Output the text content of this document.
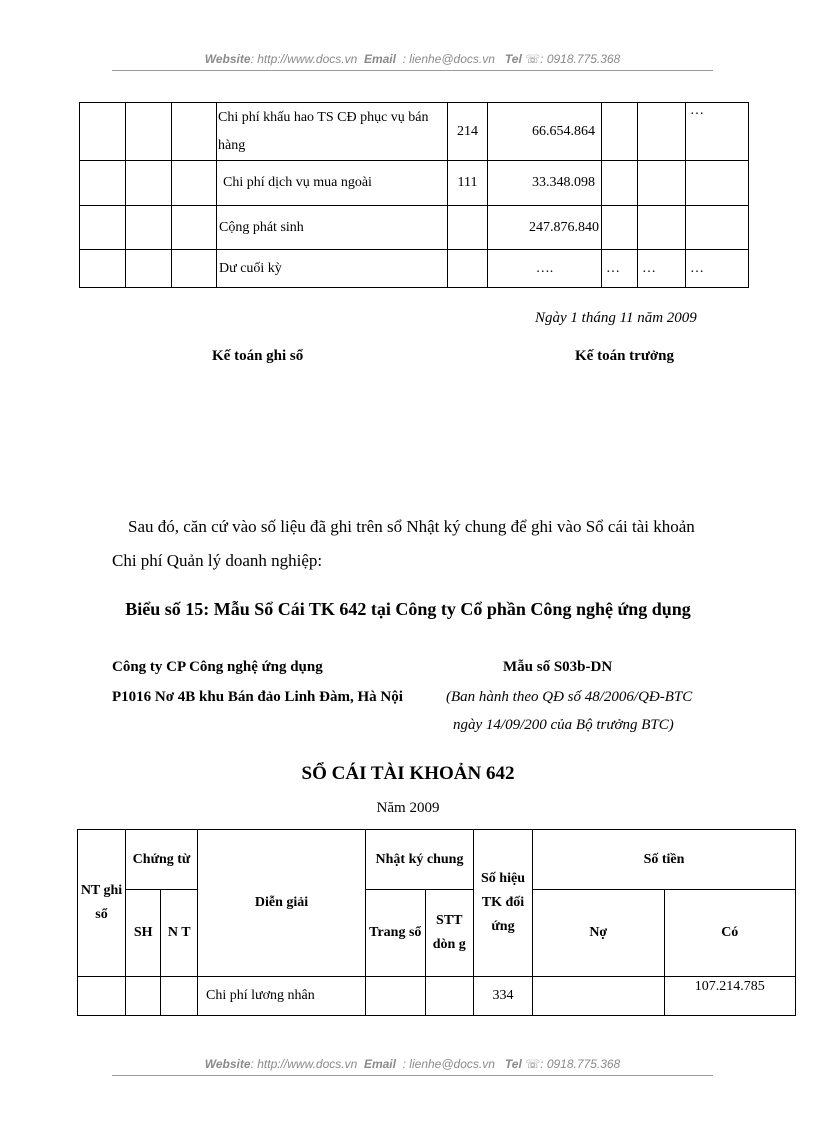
Website: http://www.docs.vn Email : lienhe@docs.vn Tel ☏: 0918.775.368
			Chi phí khấu hao TS CĐ phục vụ bán hàng	214	66.654.864			…
			Chi phí dịch vụ mua ngoài	111	33.348.098			
			Cộng phát sinh		247.876.840			
			Dư cuối kỳ		….	…	…	…
Ngày 1 tháng 11 năm 2009
Kế toán ghi sổ	Kế toán trưởng
Sau đó, căn cứ vào số liệu đã ghi trên sổ Nhật ký chung để ghi vào Sổ cái tài khoản Chi phí Quản lý doanh nghiệp:
Biểu số 15: Mẫu Sổ Cái TK 642 tại Công ty Cổ phần Công nghệ ứng dụng
Công ty CP Công nghệ ứng dụng
P1016 Nơ 4B khu Bán đảo Linh Đàm, Hà Nội
Mẫu số S03b-DN
(Ban hành theo QĐ số 48/2006/QĐ-BTC
ngày 14/09/200 của Bộ trưởng BTC)
SỔ CÁI TÀI KHOẢN 642
Năm 2009
NT ghi sổ	Chứng từ		Diễn giải	Nhật ký chung		Số hiệu TK đối ứng	Số tiền	
	SH	N T		Trang sổ	STT dòn g		Nợ	Có
			Chi phí lương nhân			334		107.214.785
Website: http://www.docs.vn Email : lienhe@docs.vn Tel ☏: 0918.775.368
